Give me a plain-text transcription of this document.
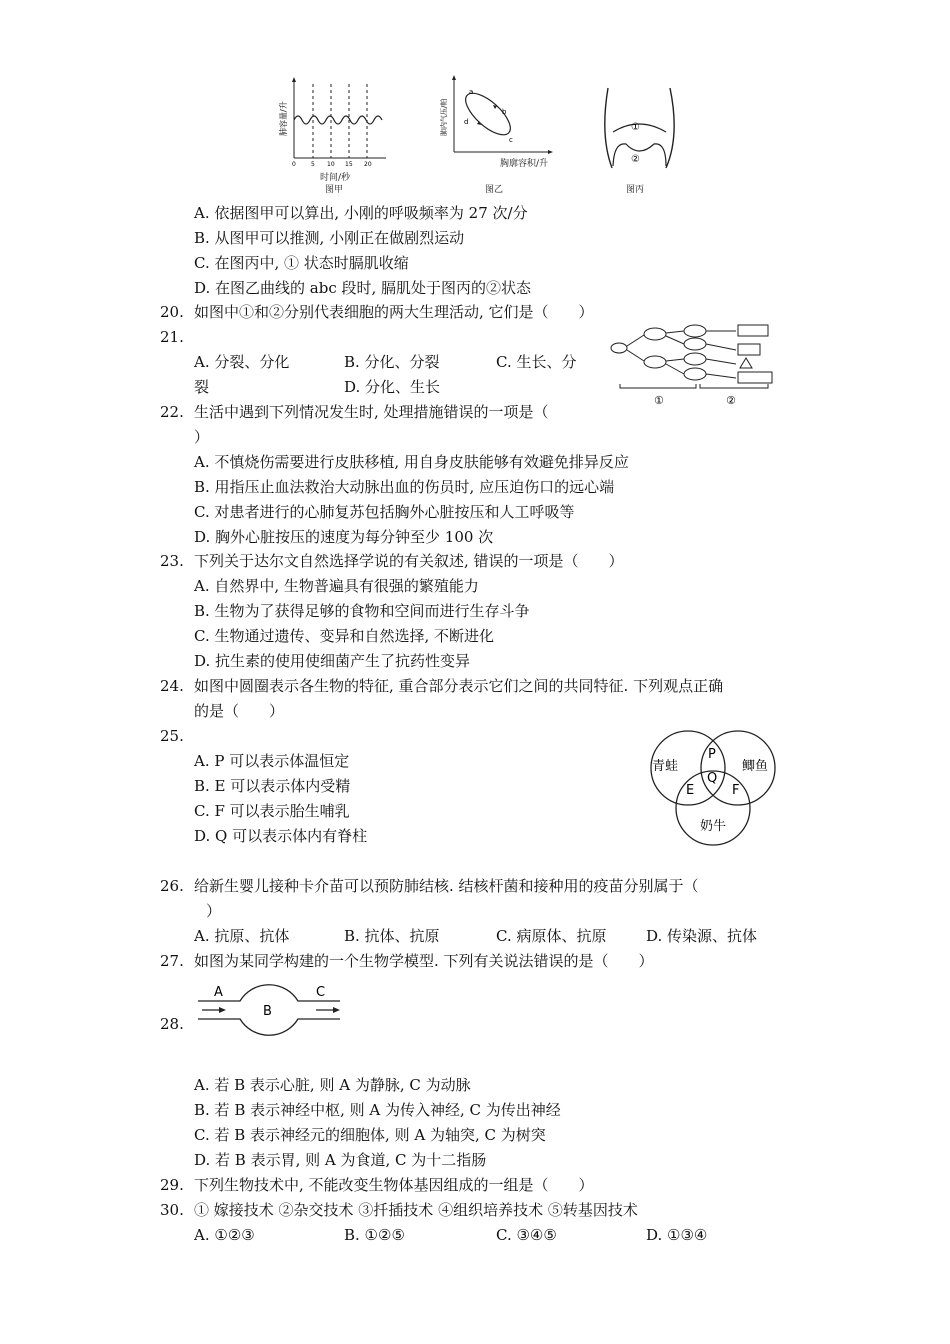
肺容量/升
0	5 10 15 20
时间/秒
图甲
肺内气压/帕
a
b
c
d
胸廓容积/升
图乙
①
②
图丙
A. 依据图甲可以算出, 小刚的呼吸频率为 27 次/分
B. 从图甲可以推测, 小刚正在做剧烈运动
C. 在图丙中, ① 状态时膈肌收缩
D. 在图乙曲线的 abc 段时, 膈肌处于图丙的②状态
20. 如图中①和②分别代表细胞的两大生理活动, 它们是（　　）
21.
A. 分裂、分化	B. 分化、分裂	C. 生长、分
裂	D. 分化、生长
①	②
22. 生活中遇到下列情况发生时, 处理措施错误的一项是（
）
A. 不慎烧伤需要进行皮肤移植, 用自身皮肤能够有效避免排异反应
B. 用指压止血法救治大动脉出血的伤员时, 应压迫伤口的远心端
C. 对患者进行的心肺复苏包括胸外心脏按压和人工呼吸等
D. 胸外心脏按压的速度为每分钟至少 100 次
23. 下列关于达尔文自然选择学说的有关叙述, 错误的一项是（　　）
A. 自然界中, 生物普遍具有很强的繁殖能力
B. 生物为了获得足够的食物和空间而进行生存斗争
C. 生物通过遗传、变异和自然选择, 不断进化
D. 抗生素的使用使细菌产生了抗药性变异
24. 如图中圆圈表示各生物的特征, 重合部分表示它们之间的共同特征. 下列观点正确
的是（　　）
25.
A. P 可以表示体温恒定
B. E 可以表示体内受精
C. F 可以表示胎生哺乳
D. Q 可以表示体内有脊柱
青蛙	鲫鱼
奶牛
P
Q
E	F
26. 给新生婴儿接种卡介苗可以预防肺结核. 结核杆菌和接种用的疫苗分别属于（
）
A. 抗原、抗体	B. 抗体、抗原	C. 病原体、抗原	D. 传染源、抗体
27. 如图为某同学构建的一个生物学模型. 下列有关说法错误的是（　　）
28.
A
B
C
A. 若 B 表示心脏, 则 A 为静脉, C 为动脉
B. 若 B 表示神经中枢, 则 A 为传入神经, C 为传出神经
C. 若 B 表示神经元的细胞体, 则 A 为轴突, C 为树突
D. 若 B 表示胃, 则 A 为食道, C 为十二指肠
29. 下列生物技术中, 不能改变生物体基因组成的一组是（　　）
30. ① 嫁接技术 ②杂交技术 ③扦插技术 ④组织培养技术 ⑤转基因技术
A. ①②③	B. ①②⑤	C. ③④⑤	D. ①③④
